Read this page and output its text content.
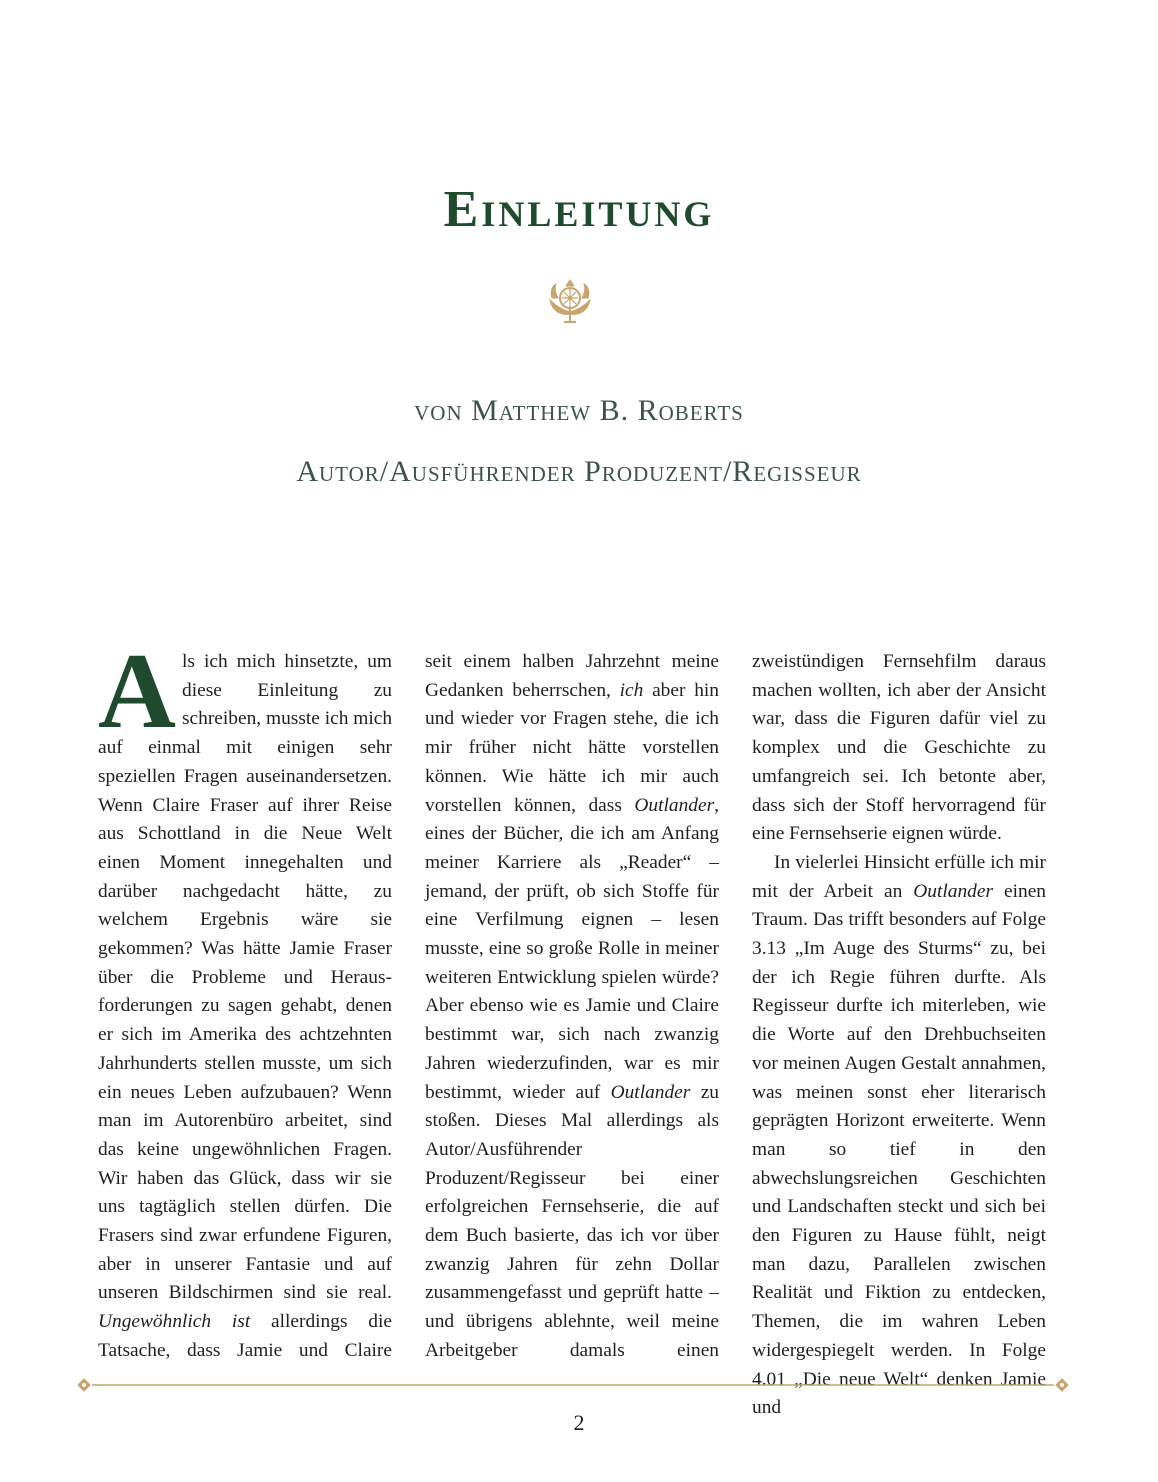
Einleitung

von Matthew B. Roberts

Autor/Ausführender Produzent/Regisseur

Als ich mich hinsetzte, um diese Einleitung zu schreiben, musste ich mich auf einmal mit einigen sehr speziellen Fragen auseinandersetzen. Wenn Claire Fraser auf ihrer Reise aus Schottland in die Neue Welt einen Moment innegehalten und darüber nachgedacht hätte, zu welchem Ergebnis wäre sie gekommen? Was hätte Jamie Fraser über die Probleme und Herausforderungen zu sagen gehabt, denen er sich im Amerika des achtzehnten Jahrhunderts stellen musste, um sich ein neues Leben aufzubauen? Wenn man im Autorenbüro arbeitet, sind das keine ungewöhnlichen Fragen. Wir haben das Glück, dass wir sie uns tagtäglich stellen dürfen. Die Frasers sind zwar erfundene Figuren, aber in unserer Fantasie und auf unseren Bildschirmen sind sie real. Ungewöhnlich ist allerdings die Tatsache, dass Jamie und Claire

seit einem halben Jahrzehnt meine Gedanken beherrschen, ich aber hin und wieder vor Fragen stehe, die ich mir früher nicht hätte vorstellen können. Wie hätte ich mir auch vorstellen können, dass Outlander, eines der Bücher, die ich am Anfang meiner Karriere als „Reader“ – jemand, der prüft, ob sich Stoffe für eine Verfilmung eignen – lesen musste, eine so große Rolle in meiner weiteren Entwicklung spielen würde? Aber ebenso wie es Jamie und Claire bestimmt war, sich nach zwanzig Jahren wiederzufinden, war es mir bestimmt, wieder auf Outlander zu stoßen. Dieses Mal allerdings als Autor/Ausführender Produzent/Regisseur bei einer erfolgreichen Fernsehserie, die auf dem Buch basierte, das ich vor über zwanzig Jahren für zehn Dollar zusammengefasst und geprüft hatte – und übrigens ablehnte, weil meine Arbeitgeber damals einen

zweistündigen Fernsehfilm daraus machen wollten, ich aber der Ansicht war, dass die Figuren dafür viel zu komplex und die Geschichte zu umfangreich sei. Ich betonte aber, dass sich der Stoff hervorragend für eine Fernsehserie eignen würde.

In vielerlei Hinsicht erfülle ich mir mit der Arbeit an Outlander einen Traum. Das trifft besonders auf Folge 3.13 „Im Auge des Sturms“ zu, bei der ich Regie führen durfte. Als Regisseur durfte ich miterleben, wie die Worte auf den Drehbuchseiten vor meinen Augen Gestalt annahmen, was meinen sonst eher literarisch geprägten Horizont erweiterte. Wenn man so tief in den abwechslungsreichen Geschichten und Landschaften steckt und sich bei den Figuren zu Hause fühlt, neigt man dazu, Parallelen zwischen Realität und Fiktion zu entdecken, Themen, die im wahren Leben widergespiegelt werden. In Folge 4.01 „Die neue Welt“ denken Jamie und

2
